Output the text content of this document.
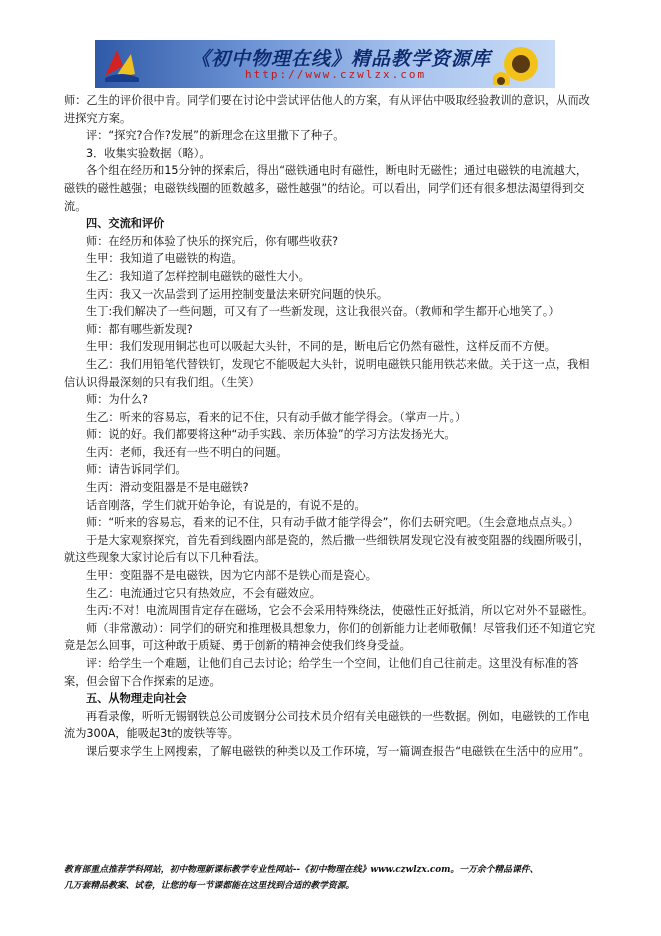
《初中物理在线》精品教学资源库
http://www.czwlzx.com

师：乙生的评价很中肯。同学们要在讨论中尝试评估他人的方案，有从评估中吸取经验教训的意识，从而改进探究方案。

评：“探究?合作?发展”的新理念在这里撒下了种子。

3．收集实验数据（略）。

各个组在经历和15分钟的探索后，得出“磁铁通电时有磁性，断电时无磁性；通过电磁铁的电流越大，磁铁的磁性越强；电磁铁线圈的匝数越多，磁性越强”的结论。可以看出，同学们还有很多想法渴望得到交流。

四、交流和评价

师：在经历和体验了快乐的探究后，你有哪些收获?

生甲：我知道了电磁铁的构造。

生乙：我知道了怎样控制电磁铁的磁性大小。

生丙：我又一次品尝到了运用控制变量法来研究问题的快乐。

生丁:我们解决了一些问题，可又有了一些新发现，这让我很兴奋。（教师和学生都开心地笑了。）

师：都有哪些新发现?

生甲：我们发现用铜芯也可以吸起大头针，不同的是，断电后它仍然有磁性，这样反而不方便。

生乙：我们用铅笔代替铁钉，发现它不能吸起大头针，说明电磁铁只能用铁芯来做。关于这一点，我相信认识得最深刻的只有我们组。（生笑）

师：为什么?

生乙：听来的容易忘，看来的记不住，只有动手做才能学得会。（掌声一片。）

师：说的好。我们都要将这种“动手实践、亲历体验”的学习方法发扬光大。

生丙：老师，我还有一些不明白的问题。

师：请告诉同学们。

生丙：滑动变阻器是不是电磁铁?

话音刚落，学生们就开始争论，有说是的，有说不是的。

师：“听来的容易忘，看来的记不住，只有动手做才能学得会”，你们去研究吧。（生会意地点点头。）

于是大家观察探究，首先看到线圈内部是瓷的，然后撒一些细铁屑发现它没有被变阻器的线圈所吸引，就这些现象大家讨论后有以下几种看法。

生甲：变阻器不是电磁铁，因为它内部不是铁心而是瓷心。

生乙：电流通过它只有热效应，不会有磁效应。

生丙:不对！电流周围肯定存在磁场，它会不会采用特殊绕法，使磁性正好抵消，所以它对外不显磁性。

师（非常激动）：同学们的研究和推理极具想象力，你们的创新能力让老师敬佩！尽管我们还不知道它究竟是怎么回事，可这种敢于质疑、勇于创新的精神会使我们终身受益。

评：给学生一个难题，让他们自己去讨论；给学生一个空间，让他们自己往前走。这里没有标准的答案，但会留下合作探索的足迹。

五、从物理走向社会

再看录像，听听无锡钢铁总公司废钢分公司技术员介绍有关电磁铁的一些数据。例如，电磁铁的工作电流为300A，能吸起3t的废铁等等。

课后要求学生上网搜索，了解电磁铁的种类以及工作环境，写一篇调查报告“电磁铁在生活中的应用”。

教育部重点推荐学科网站，初中物理新课标教学专业性网站--《初中物理在线》www.czwlzx.com。一万余个精品课件、
几万套精品教案、试卷，让您的每一节课都能在这里找到合适的教学资源。
